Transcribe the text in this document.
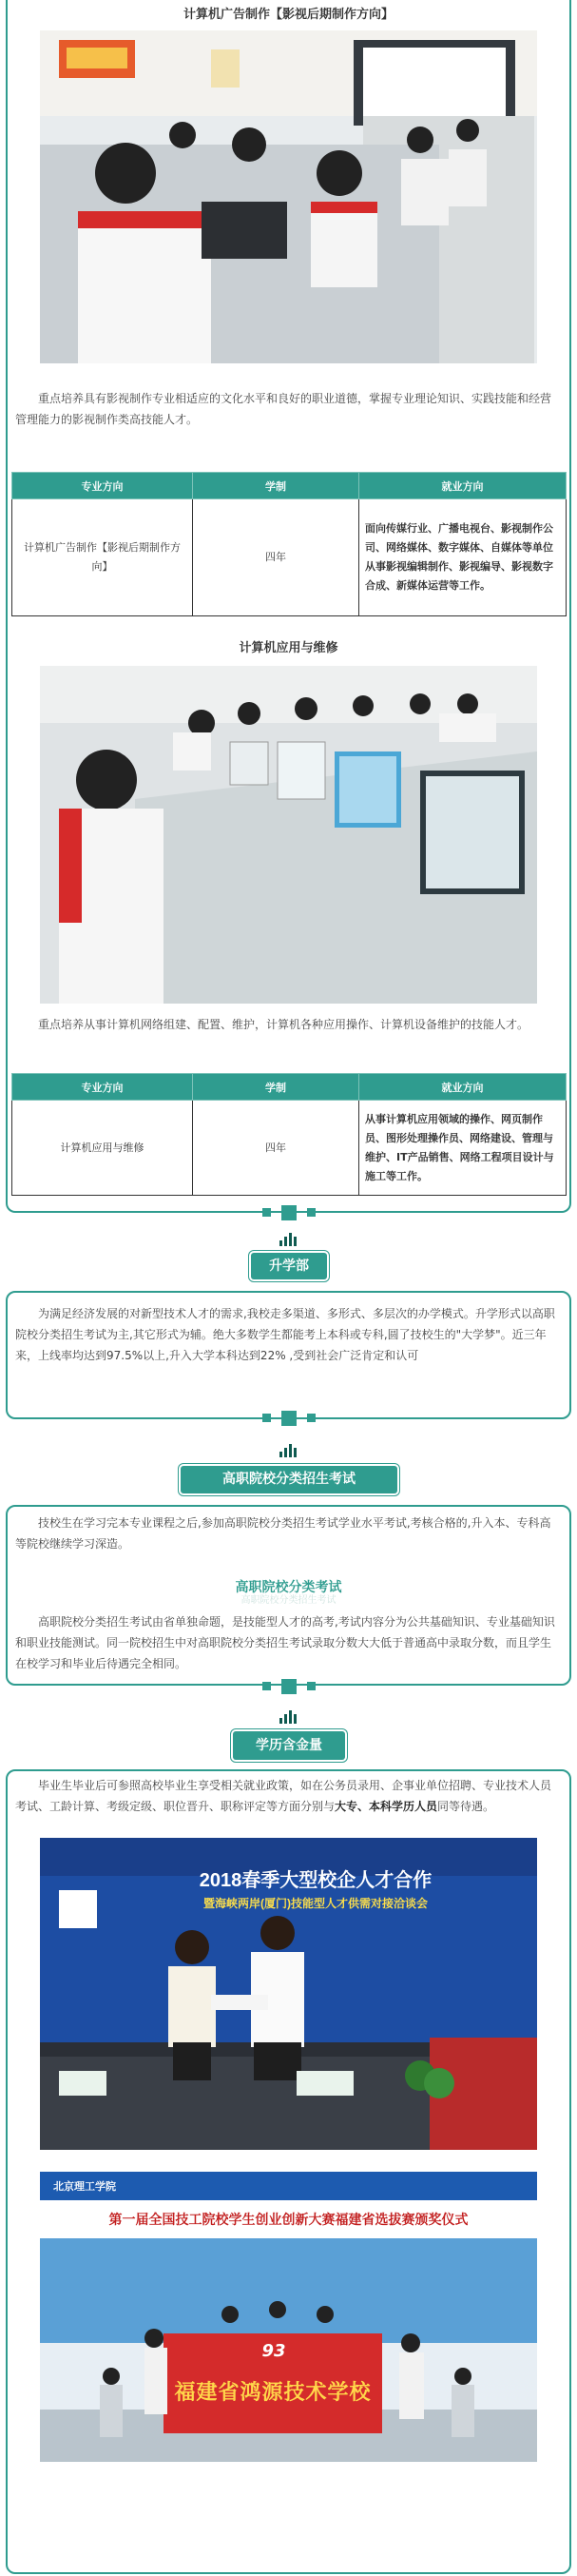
计算机广告制作【影视后期制作方向】
重点培养具有影视制作专业相适应的文化水平和良好的职业道德，掌握专业理论知识、实践技能和经营管理能力的影视制作类高技能人才。
专业方向	学制	就业方向
计算机广告制作【影视后期制作方向】	四年	面向传媒行业、广播电视台、影视制作公司、网络媒体、数字媒体、自媒体等单位从事影视编辑制作、影视编导、影视数字合成、新媒体运营等工作。
计算机应用与维修
重点培养从事计算机网络组建、配置、维护，计算机各种应用操作、计算机设备维护的技能人才。
专业方向	学制	就业方向
计算机应用与维修	四年	从事计算机应用领域的操作、网页制作员、图形处理操作员、网络建设、管理与维护、IT产品销售、网络工程项目设计与施工等工作。
升学部
为满足经济发展的对新型技术人才的需求,我校走多渠道、多形式、多层次的办学模式。升学形式以高职院校分类招生考试为主,其它形式为辅。绝大多数学生都能考上本科或专科,圆了技校生的"大学梦"。近三年来，上线率均达到97.5%以上,升入大学本科达到22% ,受到社会广泛肯定和认可
高职院校分类招生考试
技校生在学习完本专业课程之后,参加高职院校分类招生考试学业水平考试,考核合格的,升入本、专科高等院校继续学习深造。
高职院校分类招生考试
高职院校分类考试
高职院校分类招生考试由省单独命题，是技能型人才的高考,考试内容分为公共基础知识、专业基础知识和职业技能测试。同一院校招生中对高职院校分类招生考试录取分数大大低于普通高中录取分数，而且学生在校学习和毕业后待遇完全相同。
学历含金量
毕业生毕业后可参照高校毕业生享受相关就业政策，如在公务员录用、企事业单位招聘、专业技术人员考试、工龄计算、考级定级、职位晋升、职称评定等方面分别与大专、本科学历人员同等待遇。
2018春季大型校企人才合作
暨海峡两岸(厦门)技能型人才供需对接洽谈会
北京理工学院
第一届全国技工院校学生创业创新大赛福建省选拔赛颁奖仪式
93
福建省鸿源技术学校
